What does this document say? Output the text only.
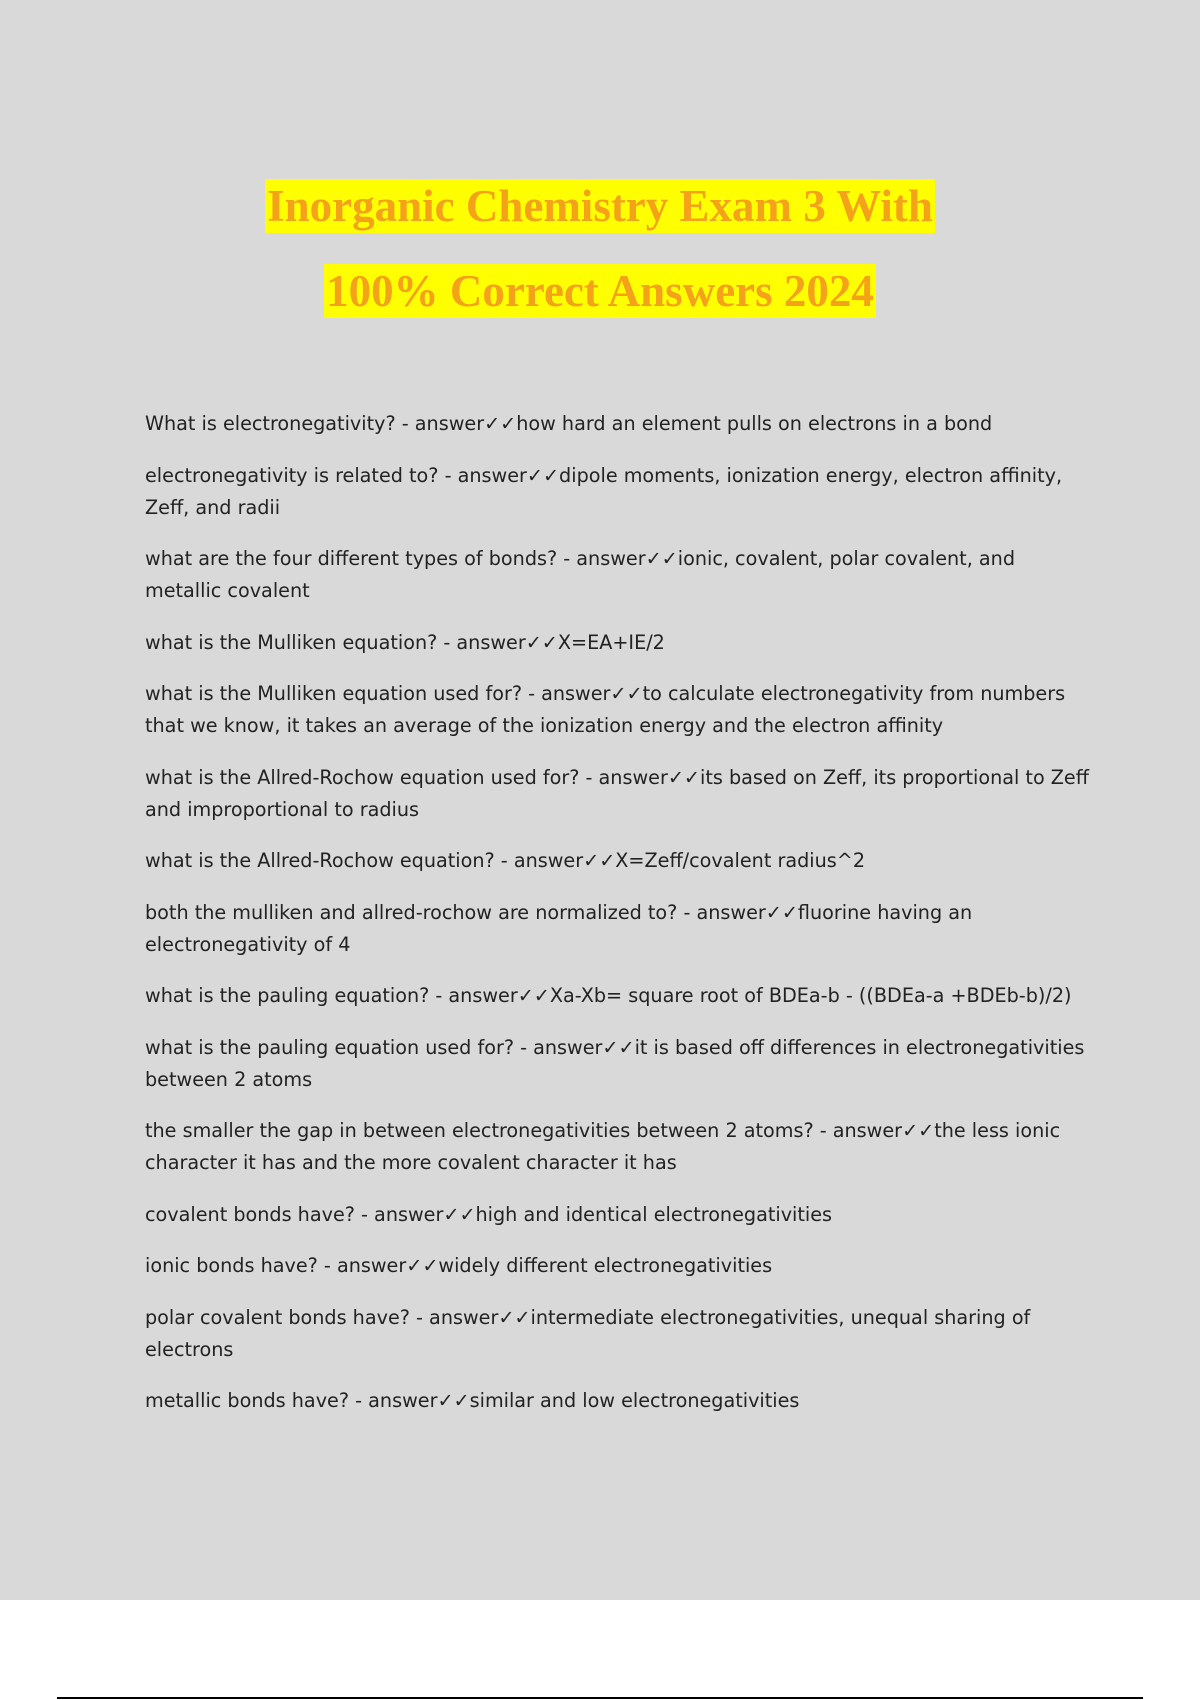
Inorganic Chemistry Exam 3 With
100% Correct Answers 2024
What is electronegativity? - answer✓✓how hard an element pulls on electrons in a bond
electronegativity is related to? - answer✓✓dipole moments, ionization energy, electron affinity, Zeff, and radii
what are the four different types of bonds? - answer✓✓ionic, covalent, polar covalent, and metallic covalent
what is the Mulliken equation? - answer✓✓X=EA+IE/2
what is the Mulliken equation used for? - answer✓✓to calculate electronegativity from numbers that we know, it takes an average of the ionization energy and the electron affinity
what is the Allred-Rochow equation used for? - answer✓✓its based on Zeff, its proportional to Zeff and improportional to radius
what is the Allred-Rochow equation? - answer✓✓X=Zeff/covalent radius^2
both the mulliken and allred-rochow are normalized to? - answer✓✓fluorine having an electronegativity of 4
what is the pauling equation? - answer✓✓Xa-Xb= square root of BDEa-b - ((BDEa-a +BDEb-b)/2)
what is the pauling equation used for? - answer✓✓it is based off differences in electronegativities between 2 atoms
the smaller the gap in between electronegativities between 2 atoms? - answer✓✓the less ionic character it has and the more covalent character it has
covalent bonds have? - answer✓✓high and identical electronegativities
ionic bonds have? - answer✓✓widely different electronegativities
polar covalent bonds have? - answer✓✓intermediate electronegativities, unequal sharing of electrons
metallic bonds have? - answer✓✓similar and low electronegativities
